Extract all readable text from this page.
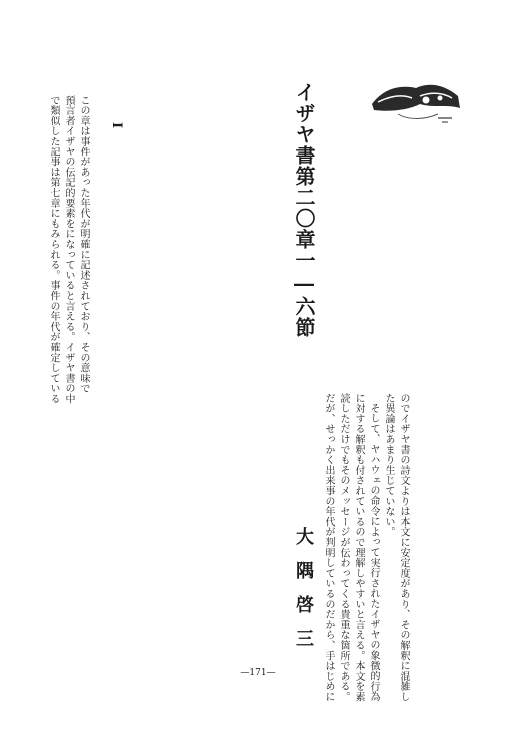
イザヤ書第二〇章一―六節
I

この章は事件があった年代が明確に記述されており、その意味で

預言者イザヤの伝記的要素をになっていると言える。イザヤ書の中

で類似した記事は第七章にもみられる。事件の年代が確定している

のでイザヤ書の詩文よりは本文に安定度があり、その解釈に混雑し

た異論はあまり生じていない。

そして、ヤハウェの命令によって実行されたイザヤの象徴的行為

に対する解釈も付されているので理解しやすいと言える。本文を素

読しただけでもそのメッセージが伝わってくる貴重な箇所である。

だが、せっかく出来事の年代が判明しているのだから、手はじめに

大隅啓三
—171—
